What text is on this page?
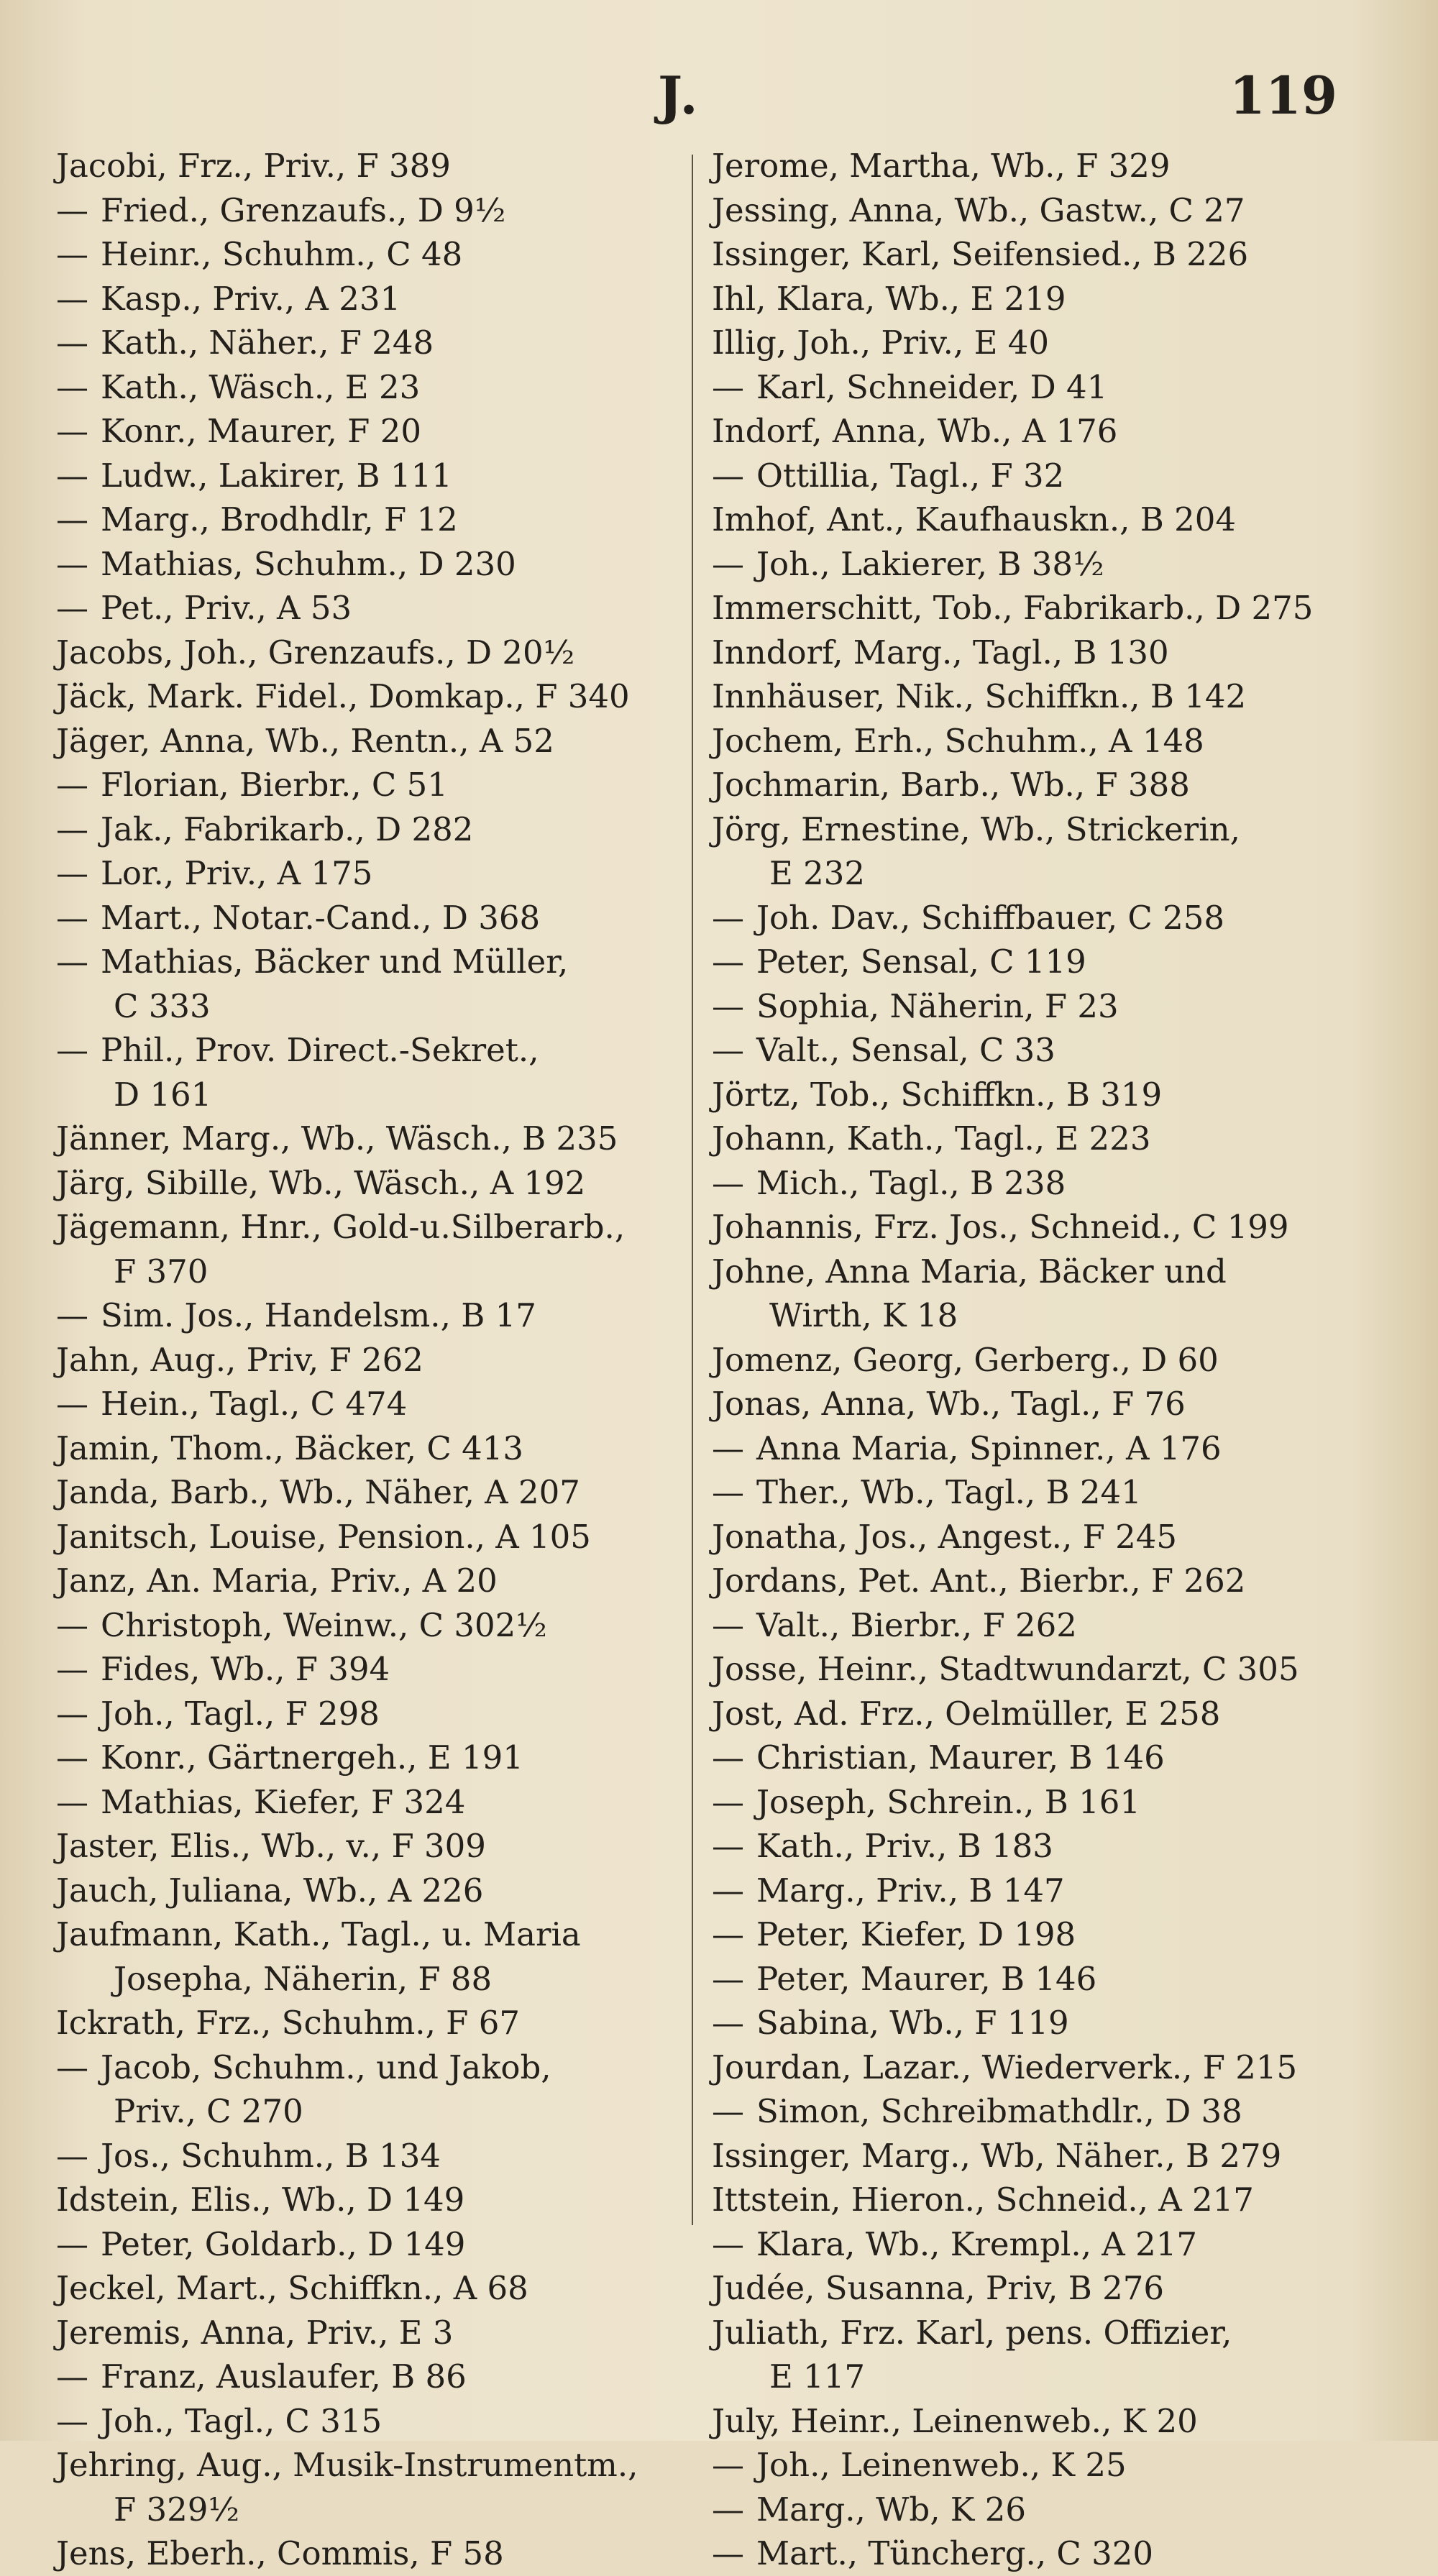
J.	119
Jacobi, Frz., Priv., F 389
— Fried., Grenzaufs., D 9½
— Heinr., Schuhm., C 48
— Kasp., Priv., A 231
— Kath., Näher., F 248
— Kath., Wäsch., E 23
— Konr., Maurer, F 20
— Ludw., Lakirer, B 111
— Marg., Brodhdlr, F 12
— Mathias, Schuhm., D 230
— Pet., Priv., A 53
Jacobs, Joh., Grenzaufs., D 20½
Jäck, Mark. Fidel., Domkap., F 340
Jäger, Anna, Wb., Rentn., A 52
— Florian, Bierbr., C 51
— Jak., Fabrikarb., D 282
— Lor., Priv., A 175
— Mart., Notar.-Cand., D 368
— Mathias, Bäcker und Müller,
C 333
— Phil., Prov. Direct.-Sekret.,
D 161
Jänner, Marg., Wb., Wäsch., B 235
Järg, Sibille, Wb., Wäsch., A 192
Jägemann, Hnr., Gold-u.Silberarb.,
F 370
— Sim. Jos., Handelsm., B 17
Jahn, Aug., Priv, F 262
— Hein., Tagl., C 474
Jamin, Thom., Bäcker, C 413
Janda, Barb., Wb., Näher, A 207
Janitsch, Louise, Pension., A 105
Janz, An. Maria, Priv., A 20
— Christoph, Weinw., C 302½
— Fides, Wb., F 394
— Joh., Tagl., F 298
— Konr., Gärtnergeh., E 191
— Mathias, Kiefer, F 324
Jaster, Elis., Wb., v., F 309
Jauch, Juliana, Wb., A 226
Jaufmann, Kath., Tagl., u. Maria
Josepha, Näherin, F 88
Ickrath, Frz., Schuhm., F 67
— Jacob, Schuhm., und Jakob,
Priv., C 270
— Jos., Schuhm., B 134
Idstein, Elis., Wb., D 149
— Peter, Goldarb., D 149
Jeckel, Mart., Schiffkn., A 68
Jeremis, Anna, Priv., E 3
— Franz, Auslaufer, B 86
— Joh., Tagl., C 315
Jehring, Aug., Musik-Instrumentm.,
F 329½
Jens, Eberh., Commis, F 58
Jerome, Martha, Wb., F 329
Jessing, Anna, Wb., Gastw., C 27
Issinger, Karl, Seifensied., B 226
Ihl, Klara, Wb., E 219
Illig, Joh., Priv., E 40
— Karl, Schneider, D 41
Indorf, Anna, Wb., A 176
— Ottillia, Tagl., F 32
Imhof, Ant., Kaufhauskn., B 204
— Joh., Lakierer, B 38½
Immerschitt, Tob., Fabrikarb., D 275
Inndorf, Marg., Tagl., B 130
Innhäuser, Nik., Schiffkn., B 142
Jochem, Erh., Schuhm., A 148
Jochmarin, Barb., Wb., F 388
Jörg, Ernestine, Wb., Strickerin,
E 232
— Joh. Dav., Schiffbauer, C 258
— Peter, Sensal, C 119
— Sophia, Näherin, F 23
— Valt., Sensal, C 33
Jörtz, Tob., Schiffkn., B 319
Johann, Kath., Tagl., E 223
— Mich., Tagl., B 238
Johannis, Frz. Jos., Schneid., C 199
Johne, Anna Maria, Bäcker und
Wirth, K 18
Jomenz, Georg, Gerberg., D 60
Jonas, Anna, Wb., Tagl., F 76
— Anna Maria, Spinner., A 176
— Ther., Wb., Tagl., B 241
Jonatha, Jos., Angest., F 245
Jordans, Pet. Ant., Bierbr., F 262
— Valt., Bierbr., F 262
Josse, Heinr., Stadtwundarzt, C 305
Jost, Ad. Frz., Oelmüller, E 258
— Christian, Maurer, B 146
— Joseph, Schrein., B 161
— Kath., Priv., B 183
— Marg., Priv., B 147
— Peter, Kiefer, D 198
— Peter, Maurer, B 146
— Sabina, Wb., F 119
Jourdan, Lazar., Wiederverk., F 215
— Simon, Schreibmathdlr., D 38
Issinger, Marg., Wb, Näher., B 279
Ittstein, Hieron., Schneid., A 217
— Klara, Wb., Krempl., A 217
Judée, Susanna, Priv, B 276
Juliath, Frz. Karl, pens. Offizier,
E 117
July, Heinr., Leinenweb., K 20
— Joh., Leinenweb., K 25
— Marg., Wb, K 26
— Mart., Tüncherg., C 320
